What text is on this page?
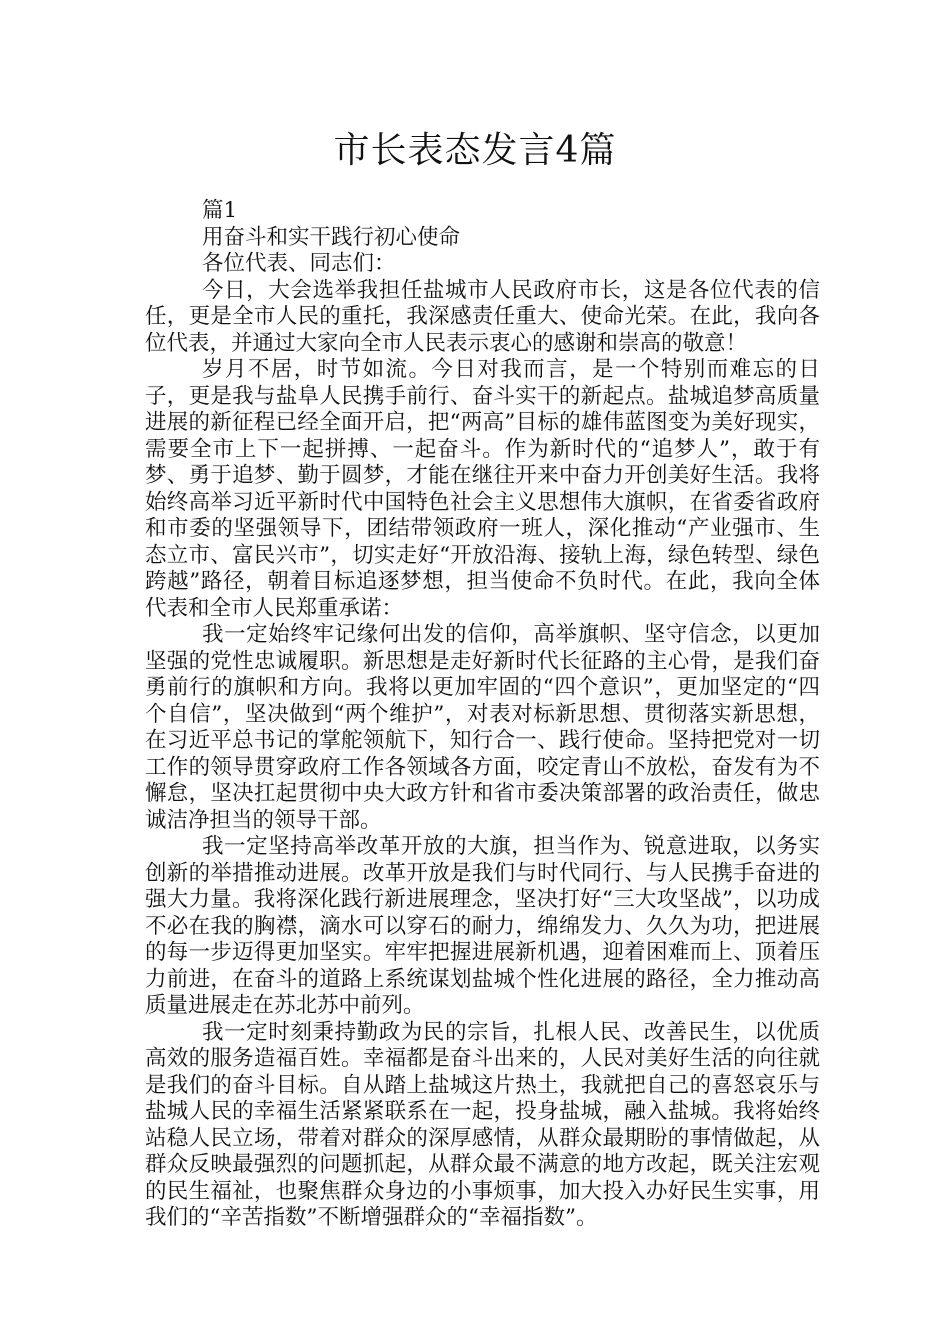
市长表态发言4篇

篇1

用奋斗和实干践行初心使命

各位代表、同志们：

今日，大会选举我担任盐城市人民政府市长，这是各位代表的信任，更是全市人民的重托，我深感责任重大、使命光荣。在此，我向各位代表，并通过大家向全市人民表示衷心的感谢和崇高的敬意！

岁月不居，时节如流。今日对我而言，是一个特别而难忘的日子，更是我与盐阜人民携手前行、奋斗实干的新起点。盐城追梦高质量进展的新征程已经全面开启，把“两高”目标的雄伟蓝图变为美好现实，需要全市上下一起拼搏、一起奋斗。作为新时代的“追梦人”，敢于有梦、勇于追梦、勤于圆梦，才能在继往开来中奋力开创美好生活。我将始终高举习近平新时代中国特色社会主义思想伟大旗帜，在省委省政府和市委的坚强领导下，团结带领政府一班人，深化推动“产业强市、生态立市、富民兴市”，切实走好“开放沿海、接轨上海，绿色转型、绿色跨越”路径，朝着目标追逐梦想，担当使命不负时代。在此，我向全体代表和全市人民郑重承诺：

我一定始终牢记缘何出发的信仰，高举旗帜、坚守信念，以更加坚强的党性忠诚履职。新思想是走好新时代长征路的主心骨，是我们奋勇前行的旗帜和方向。我将以更加牢固的“四个意识”，更加坚定的“四个自信”，坚决做到“两个维护”，对表对标新思想、贯彻落实新思想，在习近平总书记的掌舵领航下，知行合一、践行使命。坚持把党对一切工作的领导贯穿政府工作各领域各方面，咬定青山不放松，奋发有为不懈怠，坚决扛起贯彻中央大政方针和省市委决策部署的政治责任，做忠诚洁净担当的领导干部。

我一定坚持高举改革开放的大旗，担当作为、锐意进取，以务实创新的举措推动进展。改革开放是我们与时代同行、与人民携手奋进的强大力量。我将深化践行新进展理念，坚决打好“三大攻坚战”，以功成不必在我的胸襟，滴水可以穿石的耐力，绵绵发力、久久为功，把进展的每一步迈得更加坚实。牢牢把握进展新机遇，迎着困难而上、顶着压力前进，在奋斗的道路上系统谋划盐城个性化进展的路径，全力推动高质量进展走在苏北苏中前列。

我一定时刻秉持勤政为民的宗旨，扎根人民、改善民生，以优质高效的服务造福百姓。幸福都是奋斗出来的，人民对美好生活的向往就是我们的奋斗目标。自从踏上盐城这片热土，我就把自己的喜怒哀乐与盐城人民的幸福生活紧紧联系在一起，投身盐城，融入盐城。我将始终站稳人民立场，带着对群众的深厚感情，从群众最期盼的事情做起，从群众反映最强烈的问题抓起，从群众最不满意的地方改起，既关注宏观的民生福祉，也聚焦群众身边的小事烦事，加大投入办好民生实事，用我们的“辛苦指数”不断增强群众的“幸福指数”。
